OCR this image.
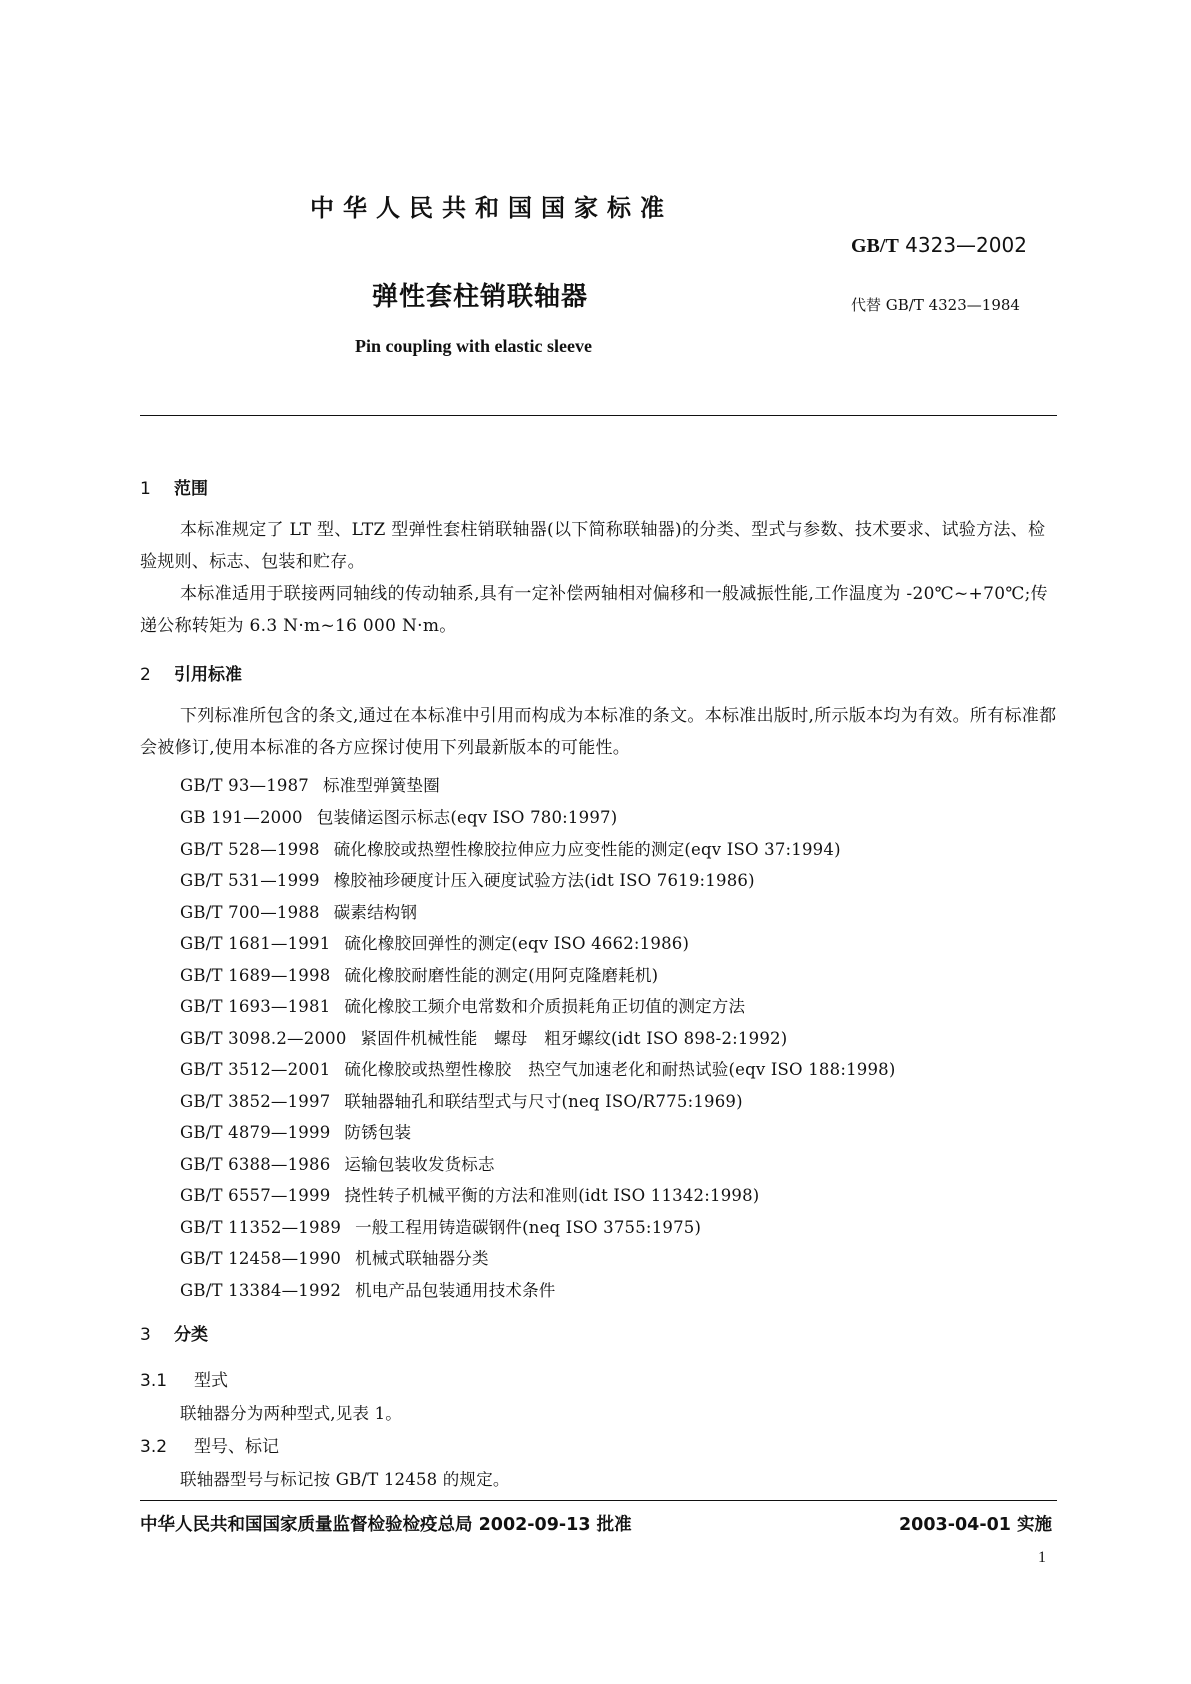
中华人民共和国国家标准
GB/T 4323—2002
弹性套柱销联轴器	代替 GB/T 4323—1984
Pin coupling with elastic sleeve
1 范围
本标准规定了 LT 型、LTZ 型弹性套柱销联轴器(以下简称联轴器)的分类、型式与参数、技术要求、试验方法、检验规则、标志、包装和贮存。
本标准适用于联接两同轴线的传动轴系,具有一定补偿两轴相对偏移和一般减振性能,工作温度为 -20℃~+70℃;传递公称转矩为 6.3 N·m~16 000 N·m。
2 引用标准
下列标准所包含的条文,通过在本标准中引用而构成为本标准的条文。本标准出版时,所示版本均为有效。所有标准都会被修订,使用本标准的各方应探讨使用下列最新版本的可能性。
GB/T 93—1987 标准型弹簧垫圈
GB 191—2000 包装储运图示标志(eqv ISO 780:1997)
GB/T 528—1998 硫化橡胶或热塑性橡胶拉伸应力应变性能的测定(eqv ISO 37:1994)
GB/T 531—1999 橡胶袖珍硬度计压入硬度试验方法(idt ISO 7619:1986)
GB/T 700—1988 碳素结构钢
GB/T 1681—1991 硫化橡胶回弹性的测定(eqv ISO 4662:1986)
GB/T 1689—1998 硫化橡胶耐磨性能的测定(用阿克隆磨耗机)
GB/T 1693—1981 硫化橡胶工频介电常数和介质损耗角正切值的测定方法
GB/T 3098.2—2000 紧固件机械性能　螺母　粗牙螺纹(idt ISO 898-2:1992)
GB/T 3512—2001 硫化橡胶或热塑性橡胶　热空气加速老化和耐热试验(eqv ISO 188:1998)
GB/T 3852—1997 联轴器轴孔和联结型式与尺寸(neq ISO/R775:1969)
GB/T 4879—1999 防锈包装
GB/T 6388—1986 运输包装收发货标志
GB/T 6557—1999 挠性转子机械平衡的方法和准则(idt ISO 11342:1998)
GB/T 11352—1989 一般工程用铸造碳钢件(neq ISO 3755:1975)
GB/T 12458—1990 机械式联轴器分类
GB/T 13384—1992 机电产品包装通用技术条件
3 分类
3.1 型式
联轴器分为两种型式,见表 1。
3.2 型号、标记
联轴器型号与标记按 GB/T 12458 的规定。
中华人民共和国国家质量监督检验检疫总局 2002-09-13 批准	2003-04-01 实施
1
